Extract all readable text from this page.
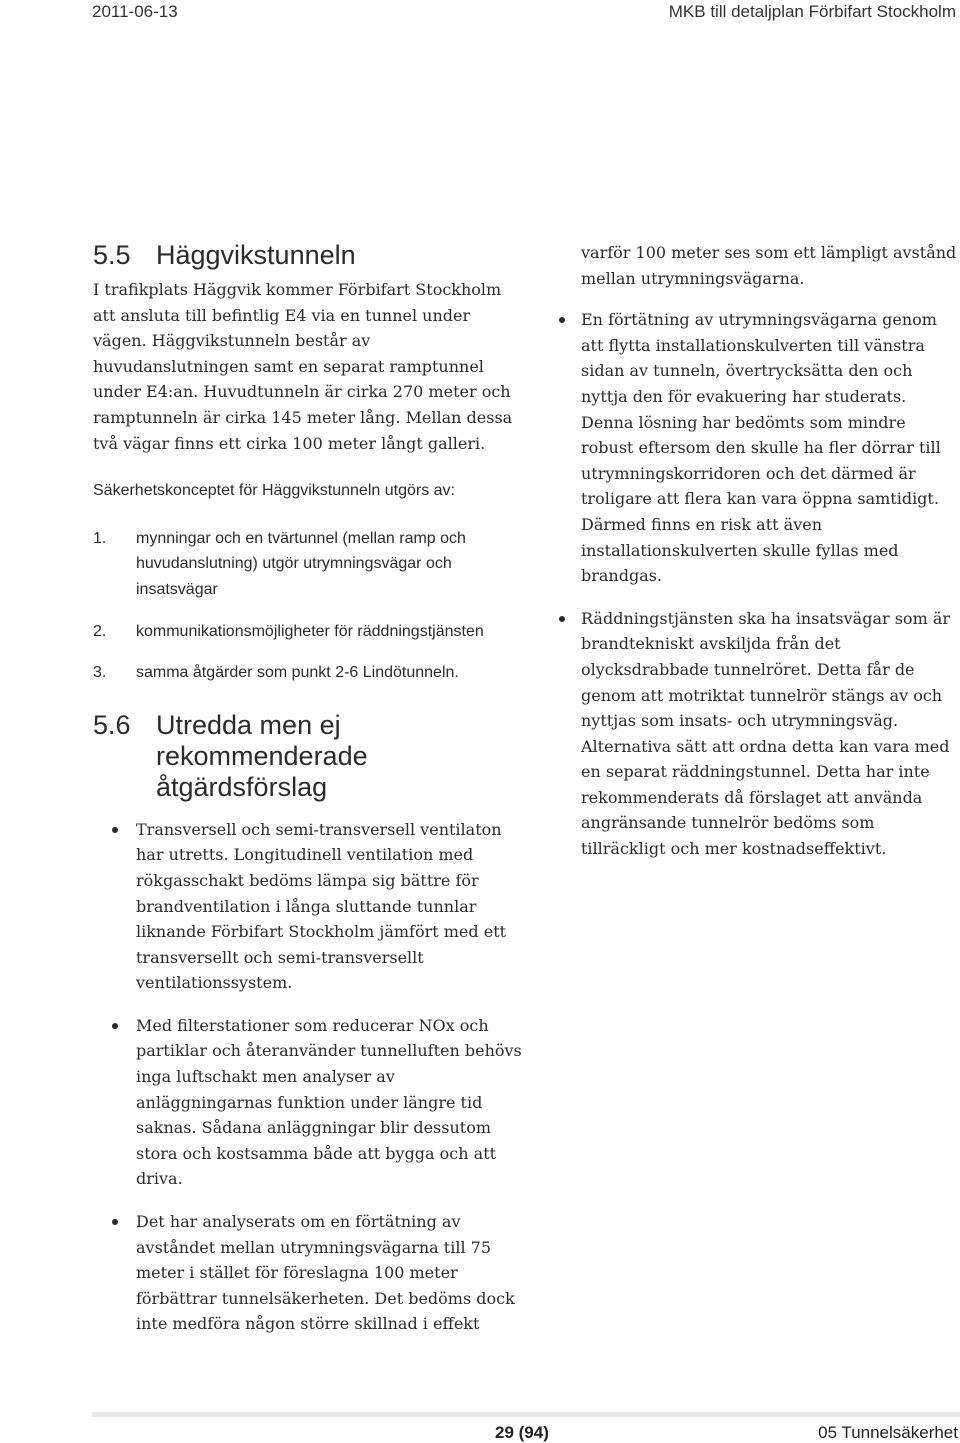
2011-06-13	MKB till detaljplan Förbifart Stockholm
5.5 Häggvikstunneln

I trafikplats Häggvik kommer Förbifart Stockholm att ansluta till befintlig E4 via en tunnel under vägen. Häggvikstunneln består av huvudanslutningen samt en separat ramptunnel under E4:an. Huvudtunneln är cirka 270 meter och ramptunneln är cirka 145 meter lång. Mellan dessa två vägar finns ett cirka 100 meter långt galleri.

Säkerhetskonceptet för Häggvikstunneln utgörs av:

1.	mynningar och en tvärtunnel (mellan ramp och huvudanslutning) utgör utrymningsvägar och insatsvägar
2.	kommunikationsmöjligheter för räddningstjänsten
3.	samma åtgärder som punkt 2-6 Lindötunneln.
5.6 Utredda men ej rekommenderade åtgärdsförslag
Transversell och semi-transversell ventilaton har utretts. Longitudinell ventilation med rökgasschakt bedöms lämpa sig bättre för brandventilation i långa sluttande tunnlar liknande Förbifart Stockholm jämfört med ett transversellt och semi-transversellt ventilationssystem.
Med filterstationer som reducerar NOx och partiklar och återanvänder tunnelluften behövs inga luftschakt men analyser av anläggningarnas funktion under längre tid saknas. Sådana anläggningar blir dessutom stora och kostsamma både att bygga och att driva.
Det har analyserats om en förtätning av avståndet mellan utrymningsvägarna till 75 meter i stället för föreslagna 100 meter förbättrar tunnelsäkerheten. Det bedöms dock inte medföra någon större skillnad i effekt

varför 100 meter ses som ett lämpligt avstånd mellan utrymningsvägarna.

En förtätning av utrymningsvägarna genom att flytta installationskulverten till vänstra sidan av tunneln, övertrycksätta den och nyttja den för evakuering har studerats. Denna lösning har bedömts som mindre robust eftersom den skulle ha fler dörrar till utrymningskorridoren och det därmed är troligare att flera kan vara öppna samtidigt. Därmed finns en risk att även installationskulverten skulle fyllas med brandgas.
Räddningstjänsten ska ha insatsvägar som är brandtekniskt avskiljda från det olycksdrabbade tunnelröret. Detta får de genom att motriktat tunnelrör stängs av och nyttjas som insats- och utrymningsväg. Alternativa sätt att ordna detta kan vara med en separat räddningstunnel. Detta har inte rekommenderats då förslaget att använda angränsande tunnelrör bedöms som tillräckligt och mer kostnadseffektivt.
29 (94)	05 Tunnelsäkerhet
